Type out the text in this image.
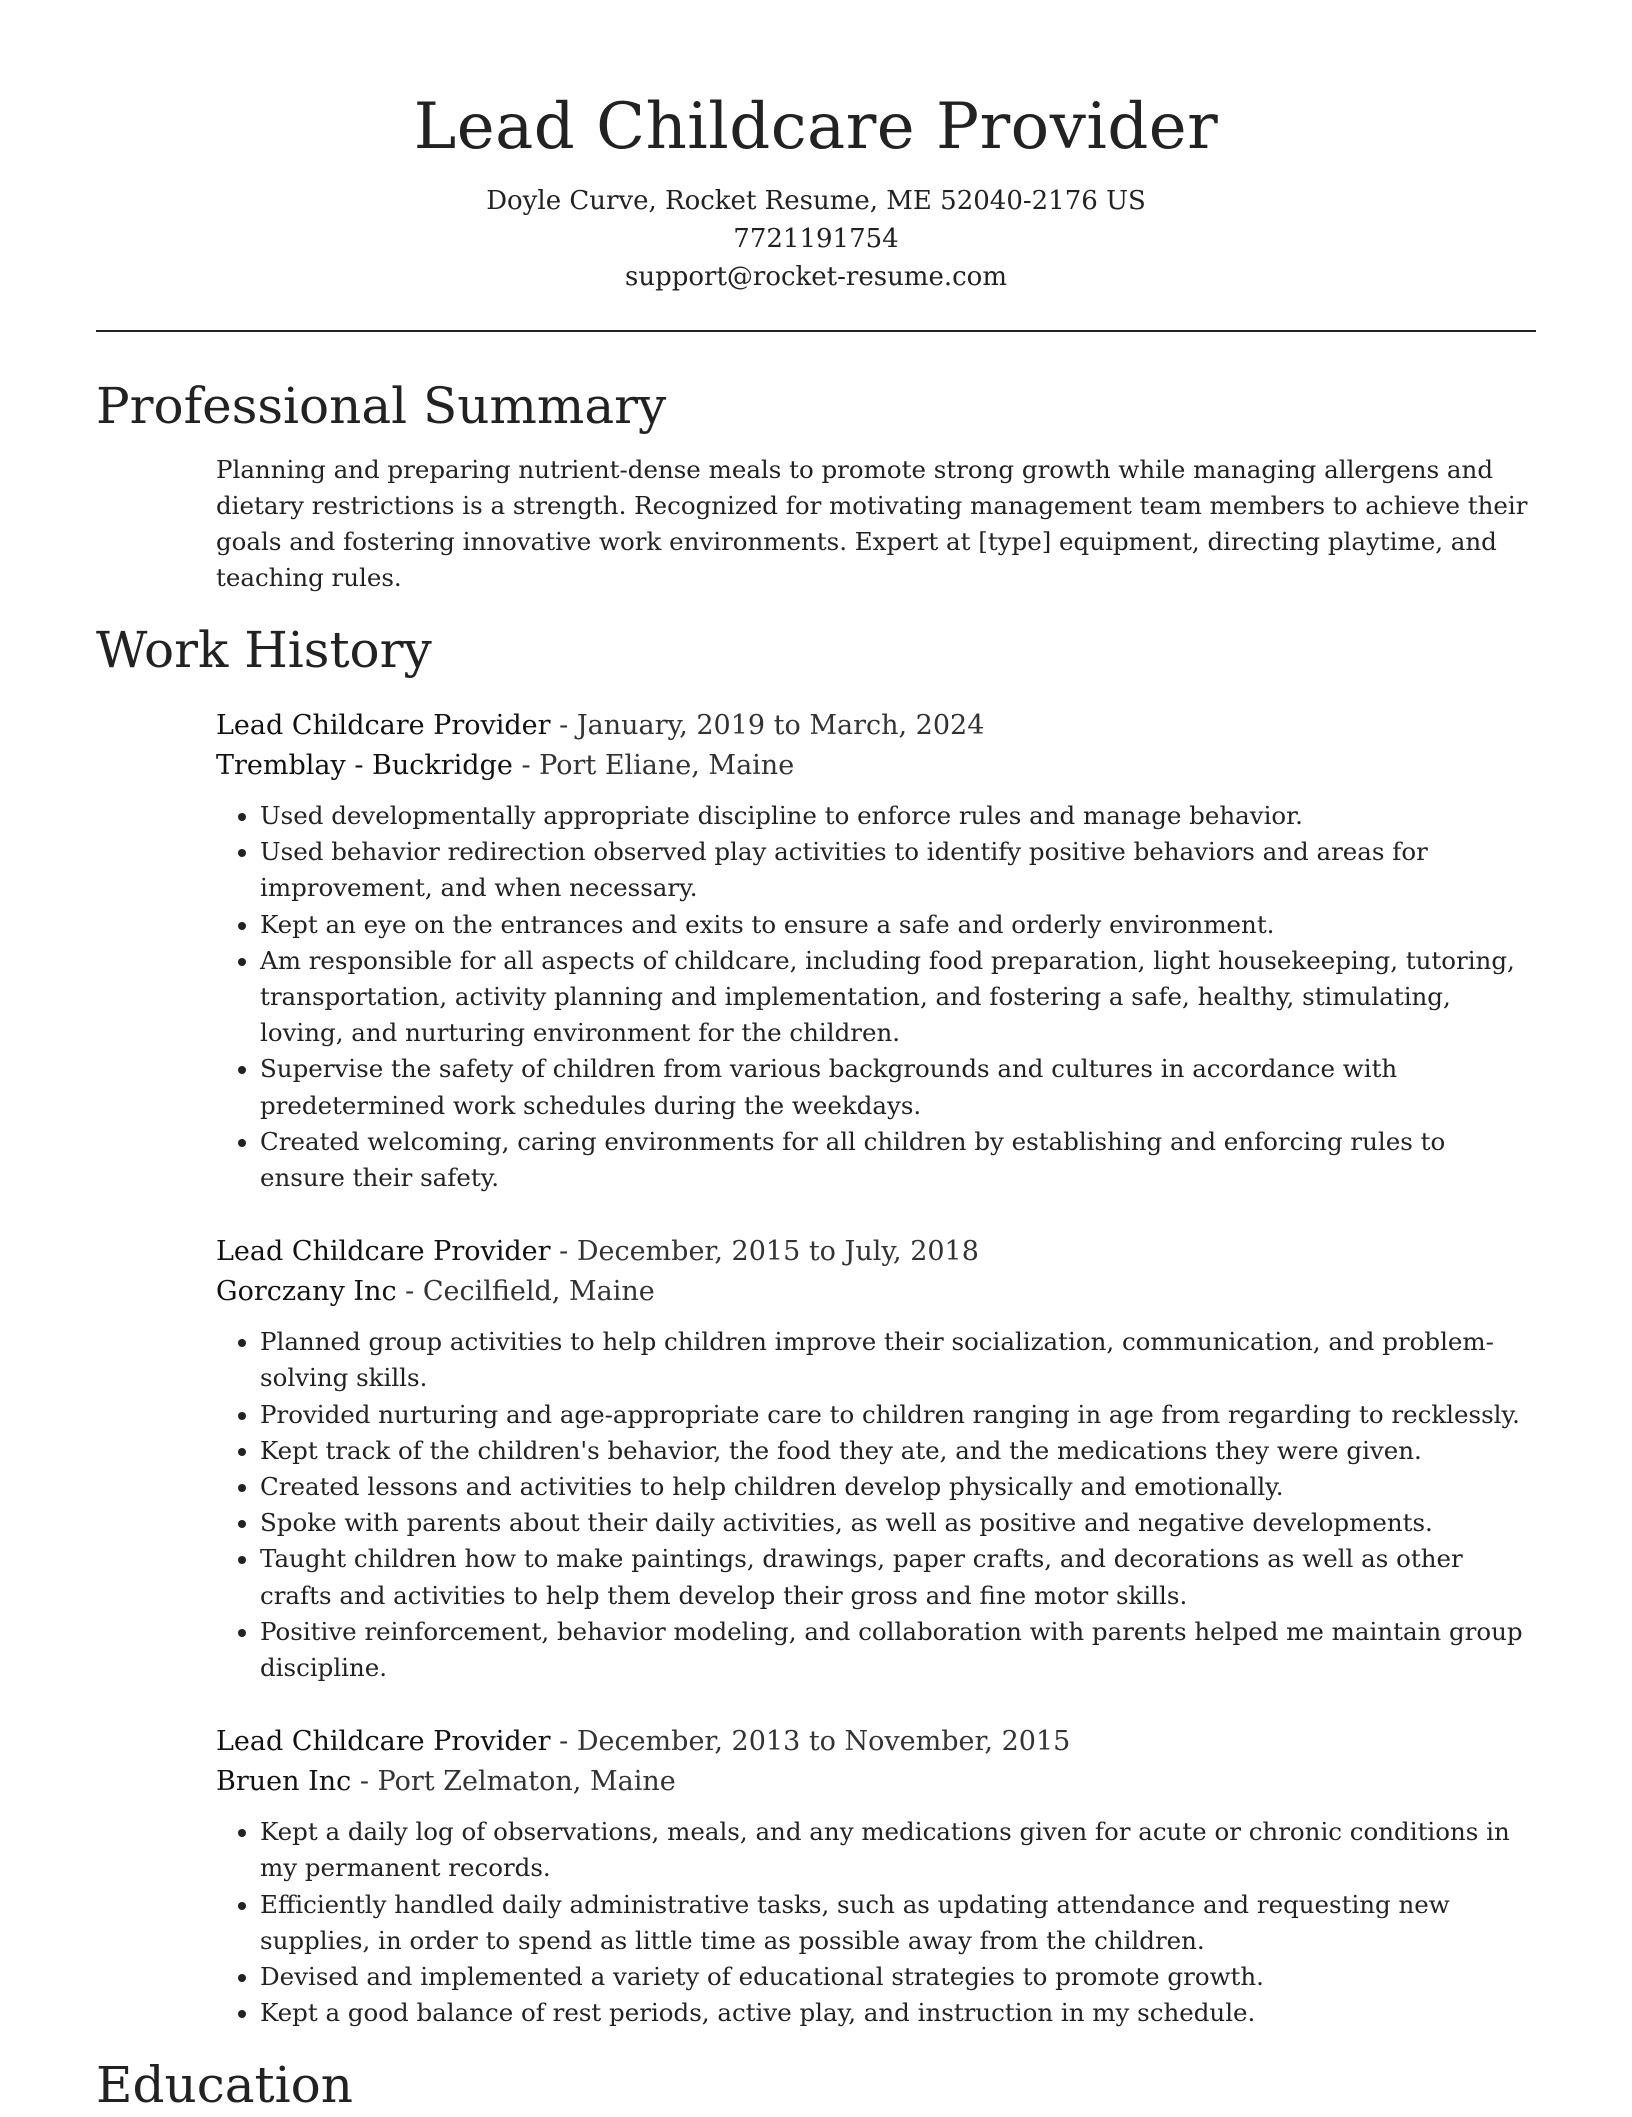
Lead Childcare Provider
Doyle Curve, Rocket Resume, ME 52040-2176 US
7721191754
support@rocket-resume.com
Professional Summary

Planning and preparing nutrient-dense meals to promote strong growth while managing allergens and dietary restrictions is a strength. Recognized for motivating management team members to achieve their goals and fostering innovative work environments. Expert at [type] equipment, directing playtime, and teaching rules.

Work History
Lead Childcare Provider - January, 2019 to March, 2024
Tremblay - Buckridge - Port Eliane, Maine
• Used developmentally appropriate discipline to enforce rules and manage behavior.
• Used behavior redirection observed play activities to identify positive behaviors and areas for improvement, and when necessary.
• Kept an eye on the entrances and exits to ensure a safe and orderly environment.
• Am responsible for all aspects of childcare, including food preparation, light housekeeping, tutoring, transportation, activity planning and implementation, and fostering a safe, healthy, stimulating, loving, and nurturing environment for the children.
• Supervise the safety of children from various backgrounds and cultures in accordance with predetermined work schedules during the weekdays.
• Created welcoming, caring environments for all children by establishing and enforcing rules to ensure their safety.
Lead Childcare Provider - December, 2015 to July, 2018
Gorczany Inc - Cecilfield, Maine
• Planned group activities to help children improve their socialization, communication, and problem-solving skills.
• Provided nurturing and age-appropriate care to children ranging in age from regarding to recklessly.
• Kept track of the children's behavior, the food they ate, and the medications they were given.
• Created lessons and activities to help children develop physically and emotionally.
• Spoke with parents about their daily activities, as well as positive and negative developments.
• Taught children how to make paintings, drawings, paper crafts, and decorations as well as other crafts and activities to help them develop their gross and fine motor skills.
• Positive reinforcement, behavior modeling, and collaboration with parents helped me maintain group discipline.
Lead Childcare Provider - December, 2013 to November, 2015
Bruen Inc - Port Zelmaton, Maine
• Kept a daily log of observations, meals, and any medications given for acute or chronic conditions in my permanent records.
• Efficiently handled daily administrative tasks, such as updating attendance and requesting new supplies, in order to spend as little time as possible away from the children.
• Devised and implemented a variety of educational strategies to promote growth.
• Kept a good balance of rest periods, active play, and instruction in my schedule.
Education
